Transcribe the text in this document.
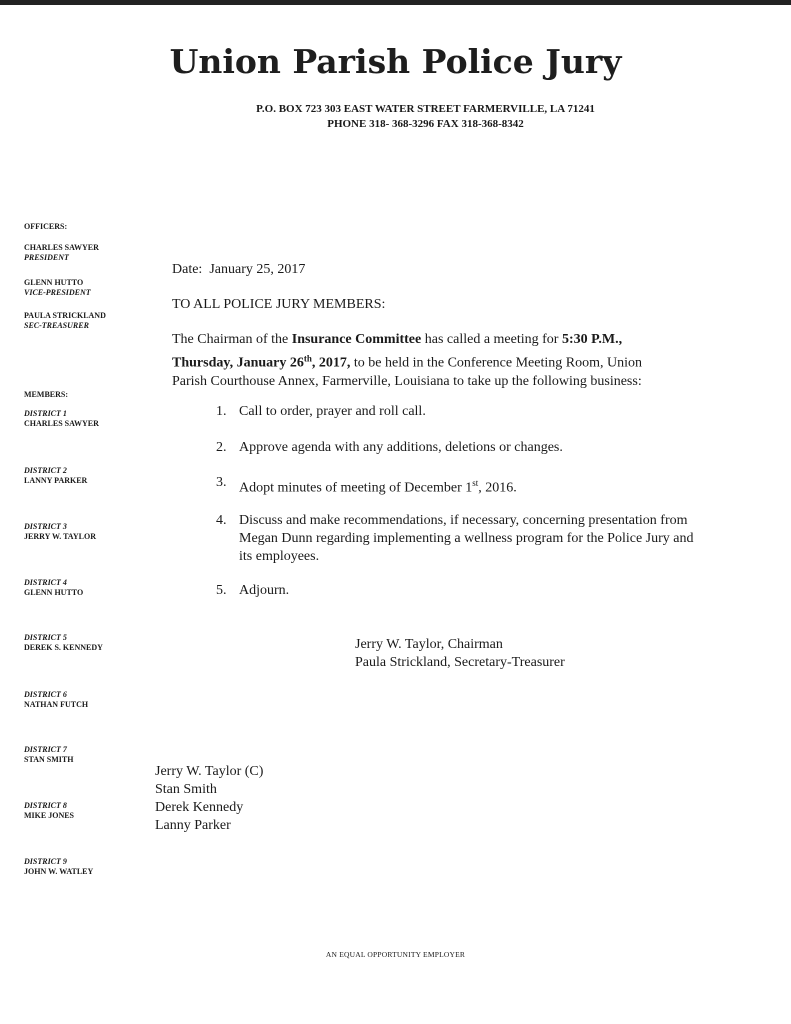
Union Parish Police Jury
P.O. BOX 723 303 EAST WATER STREET FARMERVILLE, LA 71241
PHONE 318- 368-3296 FAX 318-368-8342
OFFICERS:
CHARLES SAWYER
PRESIDENT
GLENN HUTTO
VICE-PRESIDENT
PAULA STRICKLAND
SEC-TREASURER
MEMBERS:
DISTRICT 1
CHARLES SAWYER
DISTRICT 2
LANNY PARKER
DISTRICT 3
JERRY W. TAYLOR
DISTRICT 4
GLENN HUTTO
DISTRICT 5
DEREK S. KENNEDY
DISTRICT 6
NATHAN FUTCH
DISTRICT 7
STAN SMITH
DISTRICT 8
MIKE JONES
DISTRICT 9
JOHN W. WATLEY
Date: January 25, 2017
TO ALL POLICE JURY MEMBERS:
The Chairman of the Insurance Committee has called a meeting for 5:30 P.M.,
Thursday, January 26th, 2017, to be held in the Conference Meeting Room, Union
Parish Courthouse Annex, Farmerville, Louisiana to take up the following business:
1. Call to order, prayer and roll call.
2. Approve agenda with any additions, deletions or changes.
3. Adopt minutes of meeting of December 1st, 2016.
4. Discuss and make recommendations, if necessary, concerning presentation from Megan Dunn regarding implementing a wellness program for the Police Jury and its employees.
5. Adjourn.
Jerry W. Taylor, Chairman
Paula Strickland, Secretary-Treasurer
Jerry W. Taylor (C)
Stan Smith
Derek Kennedy
Lanny Parker
AN EQUAL OPPORTUNITY EMPLOYER
